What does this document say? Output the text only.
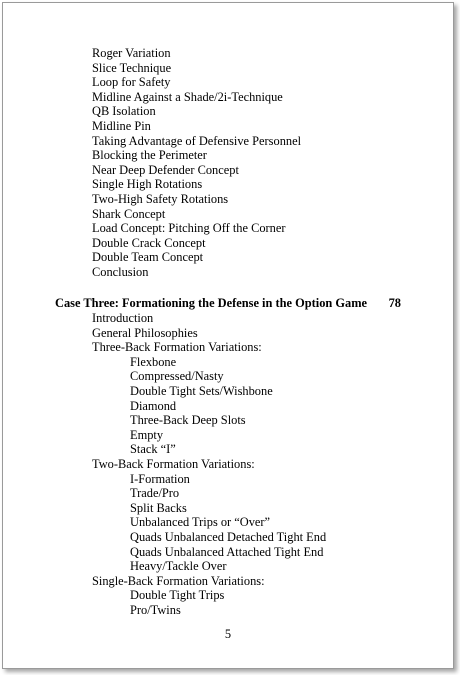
Roger Variation
Slice Technique
Loop for Safety
Midline Against a Shade/2i-Technique
QB Isolation
Midline Pin
Taking Advantage of Defensive Personnel
Blocking the Perimeter
Near Deep Defender Concept
Single High Rotations
Two-High Safety Rotations
Shark Concept
Load Concept: Pitching Off the Corner
Double Crack Concept
Double Team Concept
Conclusion
Case Three: Formationing the Defense in the Option Game 78
Introduction
General Philosophies
Three-Back Formation Variations:
Flexbone
Compressed/Nasty
Double Tight Sets/Wishbone
Diamond
Three-Back Deep Slots
Empty
Stack “I”
Two-Back Formation Variations:
I-Formation
Trade/Pro
Split Backs
Unbalanced Trips or “Over”
Quads Unbalanced Detached Tight End
Quads Unbalanced Attached Tight End
Heavy/Tackle Over
Single-Back Formation Variations:
Double Tight Trips
Pro/Twins
5
